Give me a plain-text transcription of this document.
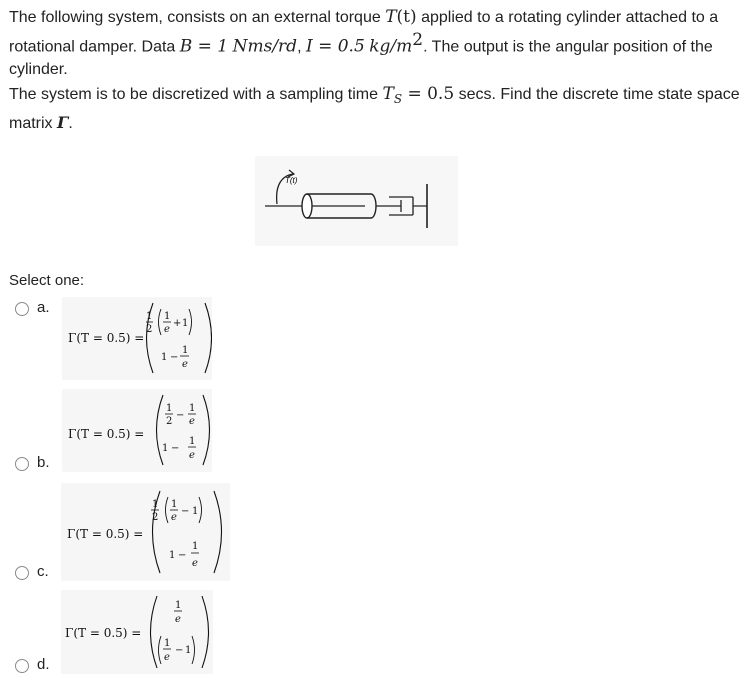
The following system, consists on an external torque T(t) applied to a rotating cylinder attached to a rotational damper. Data B = 1 Nms/rd, I = 0.5 $kg/m^2$. The output is the angular position of the cylinder.

The system is to be discretized with a sampling time $T_S = 0.5$ secs. Find the discrete time state space matrix Γ.

T(t)
Select one:
a.
Γ(T = 0.5) =
1
2
1
e
+ 1
1 −
1
e
b.
Γ(T = 0.5) =
1
2
−
1
e
1 −
1
e
c.
Γ(T = 0.5) =
1
2
1
e
− 1
1 −
1
e
d.
Γ(T = 0.5) =
1
e
1
e
− 1
